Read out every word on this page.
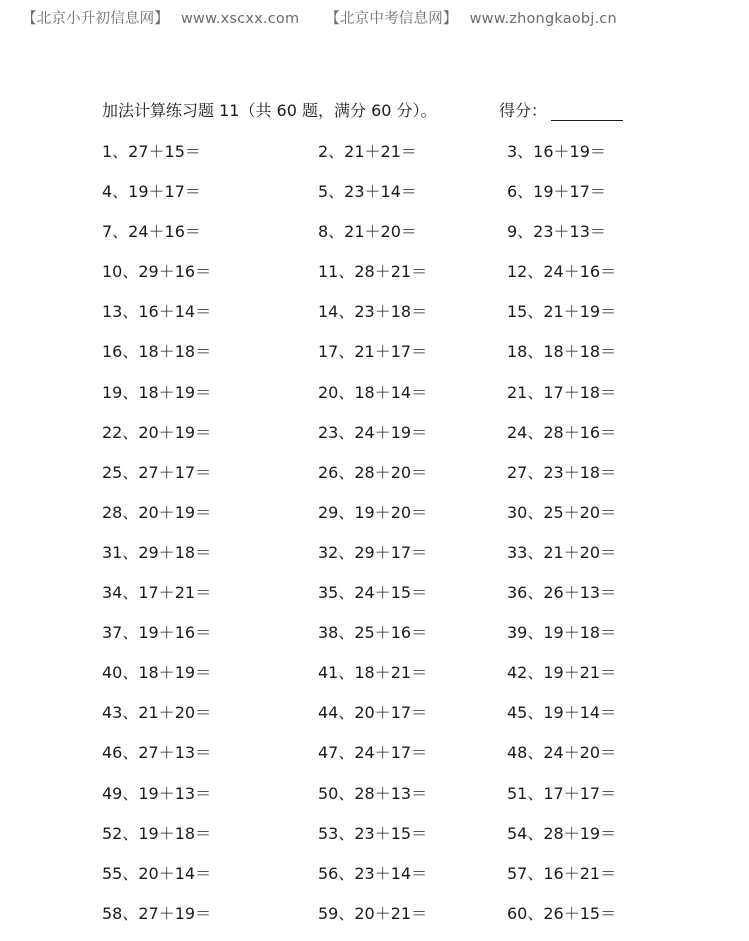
【北京小升初信息网】 www.xscxx.com 【北京中考信息网】 www.zhongkaobj.cn
加法计算练习题 11（共 60 题，满分 60 分）。	得分：
1、27＋15＝	2、21＋21＝	3、16＋19＝
4、19＋17＝	5、23＋14＝	6、19＋17＝
7、24＋16＝	8、21＋20＝	9、23＋13＝
10、29＋16＝	11、28＋21＝	12、24＋16＝
13、16＋14＝	14、23＋18＝	15、21＋19＝
16、18＋18＝	17、21＋17＝	18、18＋18＝
19、18＋19＝	20、18＋14＝	21、17＋18＝
22、20＋19＝	23、24＋19＝	24、28＋16＝
25、27＋17＝	26、28＋20＝	27、23＋18＝
28、20＋19＝	29、19＋20＝	30、25＋20＝
31、29＋18＝	32、29＋17＝	33、21＋20＝
34、17＋21＝	35、24＋15＝	36、26＋13＝
37、19＋16＝	38、25＋16＝	39、19＋18＝
40、18＋19＝	41、18＋21＝	42、19＋21＝
43、21＋20＝	44、20＋17＝	45、19＋14＝
46、27＋13＝	47、24＋17＝	48、24＋20＝
49、19＋13＝	50、28＋13＝	51、17＋17＝
52、19＋18＝	53、23＋15＝	54、28＋19＝
55、20＋14＝	56、23＋14＝	57、16＋21＝
58、27＋19＝	59、20＋21＝	60、26＋15＝
